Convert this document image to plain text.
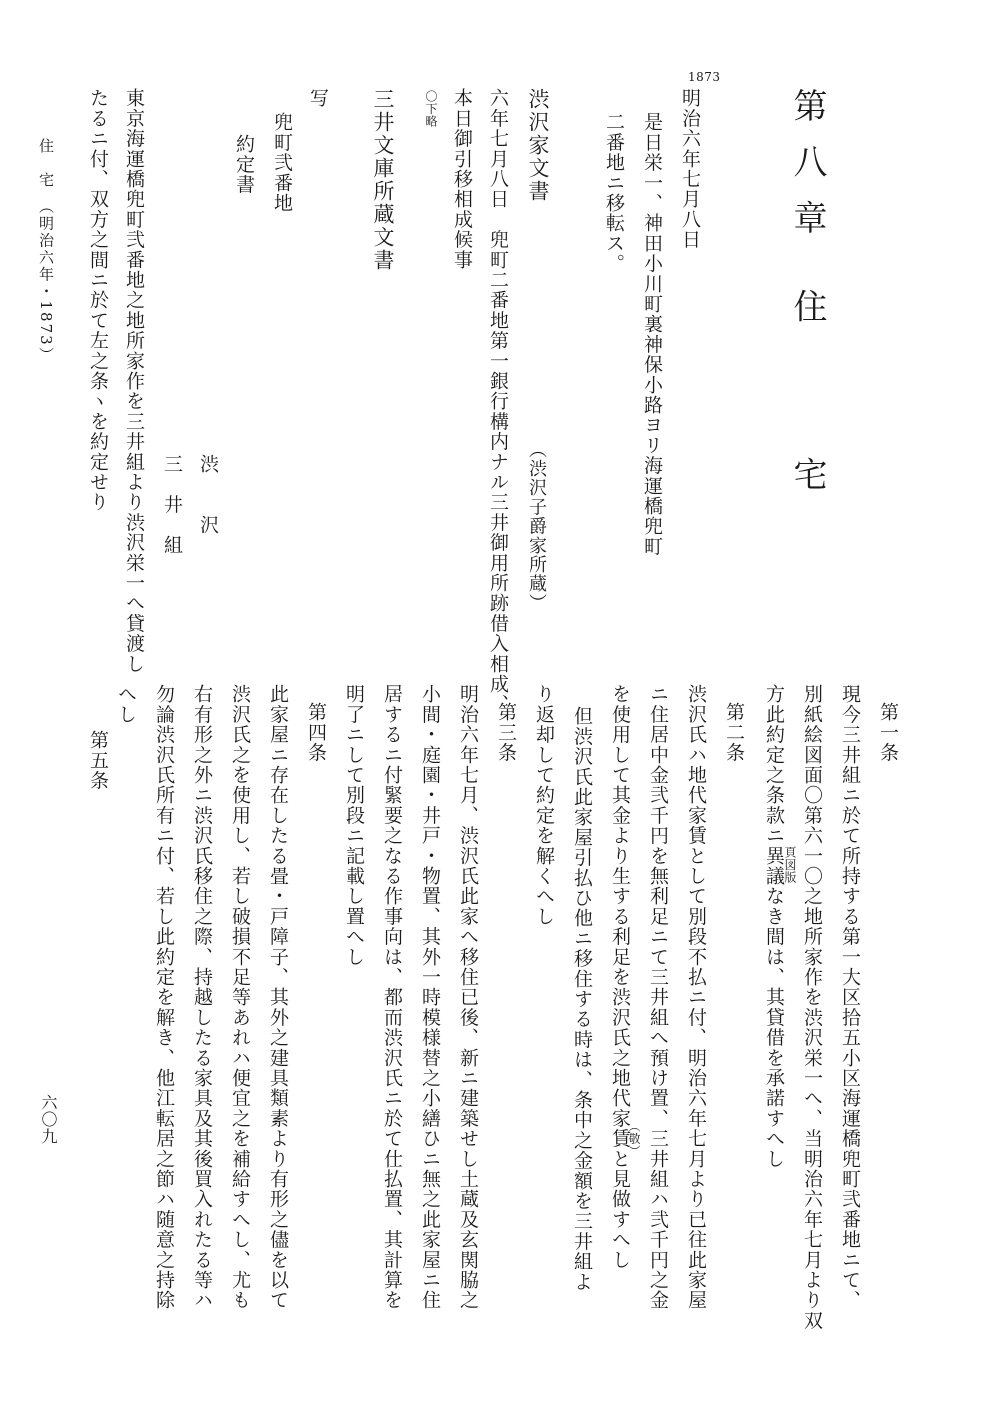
第八章 住　　宅
1873
明治六年七月八日
是日栄一、神田小川町裏神保小路ヨリ海運橋兜町
二番地ニ移転ス。
渋沢家文書
（渋沢子爵家所蔵）
六年七月八日　兜町二番地第一銀行構内ナル三井御用所跡借入相成、
本日御引移相成候事
〇下略
三井文庫所蔵文書
写
兜町弐番地
約定書
渋　　沢
三　井　組
東京海運橋兜町弐番地之地所家作を三井組より渋沢栄一へ貸渡し
たるニ付、双方之間ニ於て左之条ヽを約定せり
住　宅　（明治六年・1873）
第一条
現今三井組ニ於て所持する第一大区拾五小区海運橋兜町弐番地ニて、
別紙絵図面〇第六一〇之地所家作を渋沢栄一へ、当明治六年七月より双
頁図版
方此約定之条款ニ異議なき間は、其貸借を承諾すへし
第二条
渋沢氏ハ地代家賃として別段不払ニ付、明治六年七月より已往此家屋
ニ住居中金弐千円を無利足ニて三井組へ預け置、三井組ハ弐千円之金
を使用して其金より生する利足を渋沢氏之地代家賃と見做すへし
（敬）
但渋沢氏此家屋引払ひ他ニ移住する時は、条中之金額を三井組よ
り返却して約定を解くへし
第三条
明治六年七月、渋沢氏此家へ移住已後、新ニ建築せし土蔵及玄関脇之
小間・庭園・井戸・物置、其外一時模様替之小繕ひニ無之此家屋ニ住
居するニ付緊要之なる作事向は、都而渋沢氏ニ於て仕払置、其計算を
明了ニして別段ニ記載し置へし
第四条
此家屋ニ存在したる畳・戸障子、其外之建具類素より有形之儘を以て
渋沢氏之を使用し、若し破損不足等あれハ便宜之を補給すへし、尤も
右有形之外ニ渋沢氏移住之際、持越したる家具及其後買入れたる等ハ
勿論渋沢氏所有ニ付、若し此約定を解き、他江転居之節ハ随意之持除
へし
第五条
六〇九
